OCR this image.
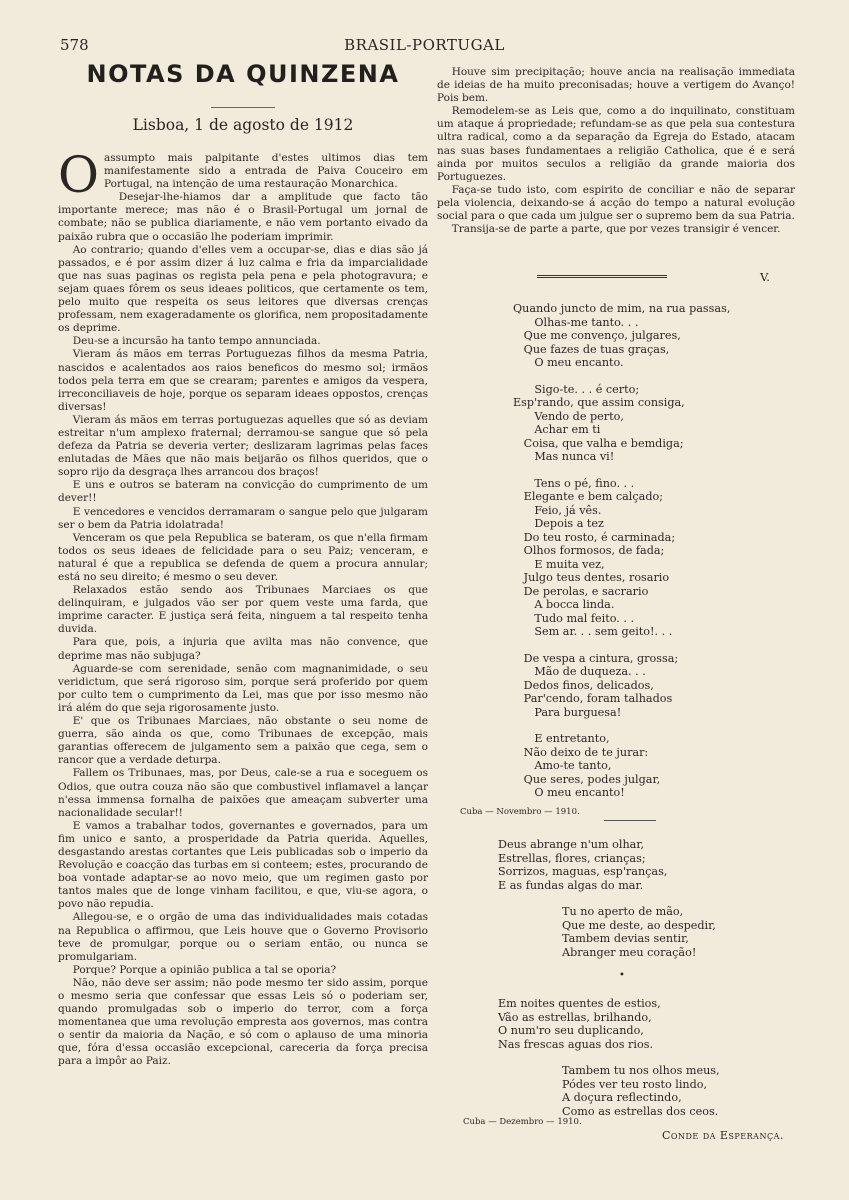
578	BRASIL-PORTUGAL
NOTAS DA QUINZENA
Lisboa, 1 de agosto de 1912
O assumpto mais palpitante d'estes ultimos dias tem manifestamente sido a entrada de Paiva Couceiro em Portugal, na intenção de uma restauração Monarchica.

Desejar-lhe-hiamos dar a amplitude que facto tão importante merece; mas não é o Brasil-Portugal um jornal de combate; não se publica diariamente, e não vem portanto eivado da paixão rubra que o occasião lhe poderiam imprimir.

Ao contrario; quando d'elles vem a occupar-se, dias e dias são já passados, e é por assim dizer á luz calma e fria da imparcialidade que nas suas paginas os regista pela pena e pela photogravura; e sejam quaes fôrem os seus ideaes politicos, que certamente os tem, pelo muito que respeita os seus leitores que diversas crenças professam, nem exageradamente os glorifica, nem propositadamente os deprime.

Deu-se a incursão ha tanto tempo annunciada.

Vieram ás mãos em terras Portuguezas filhos da mesma Patria, nascidos e acalentados aos raios beneficos do mesmo sol; irmãos todos pela terra em que se crearam; parentes e amigos da vespera, irreconciliaveis de hoje, porque os separam ideaes oppostos, crenças diversas!

Vieram ás mãos em terras portuguezas aquelles que só as deviam estreitar n'um amplexo fraternal; derramou-se sangue que só pela defeza da Patria se deveria verter; deslizaram lagrimas pelas faces enlutadas de Mães que não mais beijarão os filhos queridos, que o sopro rijo da desgraça lhes arrancou dos braços!

E uns e outros se bateram na convicção do cumprimento de um dever!!

E vencedores e vencidos derramaram o sangue pelo que julgaram ser o bem da Patria idolatrada!

Venceram os que pela Republica se bateram, os que n'ella firmam todos os seus ideaes de felicidade para o seu Paiz; venceram, e natural é que a republica se defenda de quem a procura annular; está no seu direito; é mesmo o seu dever.

Relaxados estão sendo aos Tribunaes Marciaes os que delinquiram, e julgados vão ser por quem veste uma farda, que imprime caracter. E justiça será feita, ninguem a tal respeito tenha duvida.

Para que, pois, a injuria que avilta mas não convence, que deprime mas não subjuga?

Aguarde-se com serenidade, senão com magnanimidade, o seu veridictum, que será rigoroso sim, porque será proferido por quem por culto tem o cumprimento da Lei, mas que por isso mesmo não irá além do que seja rigorosamente justo.

E' que os Tribunaes Marciaes, não obstante o seu nome de guerra, são ainda os que, como Tribunaes de excepção, mais garantias offerecem de julgamento sem a paixão que cega, sem o rancor que a verdade deturpa.

Fallem os Tribunaes, mas, por Deus, cale-se a rua e soceguem os Odios, que outra couza não são que combustivel inflamavel a lançar n'essa immensa fornalha de paixões que ameaçam subverter uma nacionalidade secular!!

E vamos a trabalhar todos, governantes e governados, para um fim unico e santo, a prosperidade da Patria querida. Aquelles, desgastando arestas cortantes que Leis publicadas sob o imperio da Revolução e coacção das turbas em si conteem; estes, procurando de boa vontade adaptar-se ao novo meio, que um regimen gasto por tantos males que de longe vinham facilitou, e que, viu-se agora, o povo não repudia.

Allegou-se, e o orgão de uma das individualidades mais cotadas na Republica o affirmou, que Leis houve que o Governo Provisorio teve de promulgar, porque ou o seriam então, ou nunca se promulgariam.

Porque? Porque a opinião publica a tal se oporia?

Não, não deve ser assim; não pode mesmo ter sido assim, porque o mesmo seria que confessar que essas Leis só o poderiam ser, quando promulgadas sob o imperio do terror, com a força momentanea que uma revolução empresta aos governos, mas contra o sentir da maioria da Nação, e só com o aplauso de uma minoria que, fóra d'essa occasião excepcional, careceria da força precisa para a impôr ao Paiz.

Houve sim precipitação; houve ancia na realisação immediata de ideias de ha muito preconisadas; houve a vertigem do Avanço! Pois bem.

Remodelem-se as Leis que, como a do inquilinato, constituam um ataque á propriedade; refundam-se as que pela sua contestura ultra radical, como a da separação da Egreja do Estado, atacam nas suas bases fundamentaes a religião Catholica, que é e será ainda por muitos seculos a religião da grande maioria dos Portuguezes.

Faça-se tudo isto, com espirito de conciliar e não de separar pela violencia, deixando-se á acção do tempo a natural evolução social para o que cada um julgue ser o supremo bem da sua Patria.

Transija-se de parte a parte, que por vezes transigir é vencer.

V.
Quando juncto de mim, na rua passas,
Olhas-me tanto. . .
Que me convenço, julgares,
Que fazes de tuas graças,
O meu encanto.
Sigo-te. . . é certo;
Esp'rando, que assim consiga,
Vendo de perto,
Achar em ti
Coisa, que valha e bemdiga;
Mas nunca vi!
Tens o pé, fino. . .
Elegante e bem calçado;
Feio, já vês.
Depois a tez
Do teu rosto, é carminada;
Olhos formosos, de fada;
E muita vez,
Julgo teus dentes, rosario
De perolas, e sacrario
A bocca linda.
Tudo mal feito. . .
Sem ar. . . sem geito!. . .
De vespa a cintura, grossa;
Mão de duqueza. . .
Dedos finos, delicados,
Par'cendo, foram talhados
Para burguesa!
E entretanto,
Não deixo de te jurar:
Amo-te tanto,
Que seres, podes julgar,
O meu encanto!
Cuba — Novembro — 1910.
Deus abrange n'um olhar,
Estrellas, flores, crianças;
Sorrizos, maguas, esp'ranças,
E as fundas algas do mar.
Tu no aperto de mão,
Que me deste, ao despedir,
Tambem devias sentir,
Abranger meu coração!
•
Em noites quentes de estios,
Vão as estrellas, brilhando,
O num'ro seu duplicando,
Nas frescas aguas dos rios.
Tambem tu nos olhos meus,
Pódes ver teu rosto lindo,
A doçura reflectindo,
Como as estrellas dos ceos.
Cuba — Dezembro — 1910.
Conde da Esperança.
